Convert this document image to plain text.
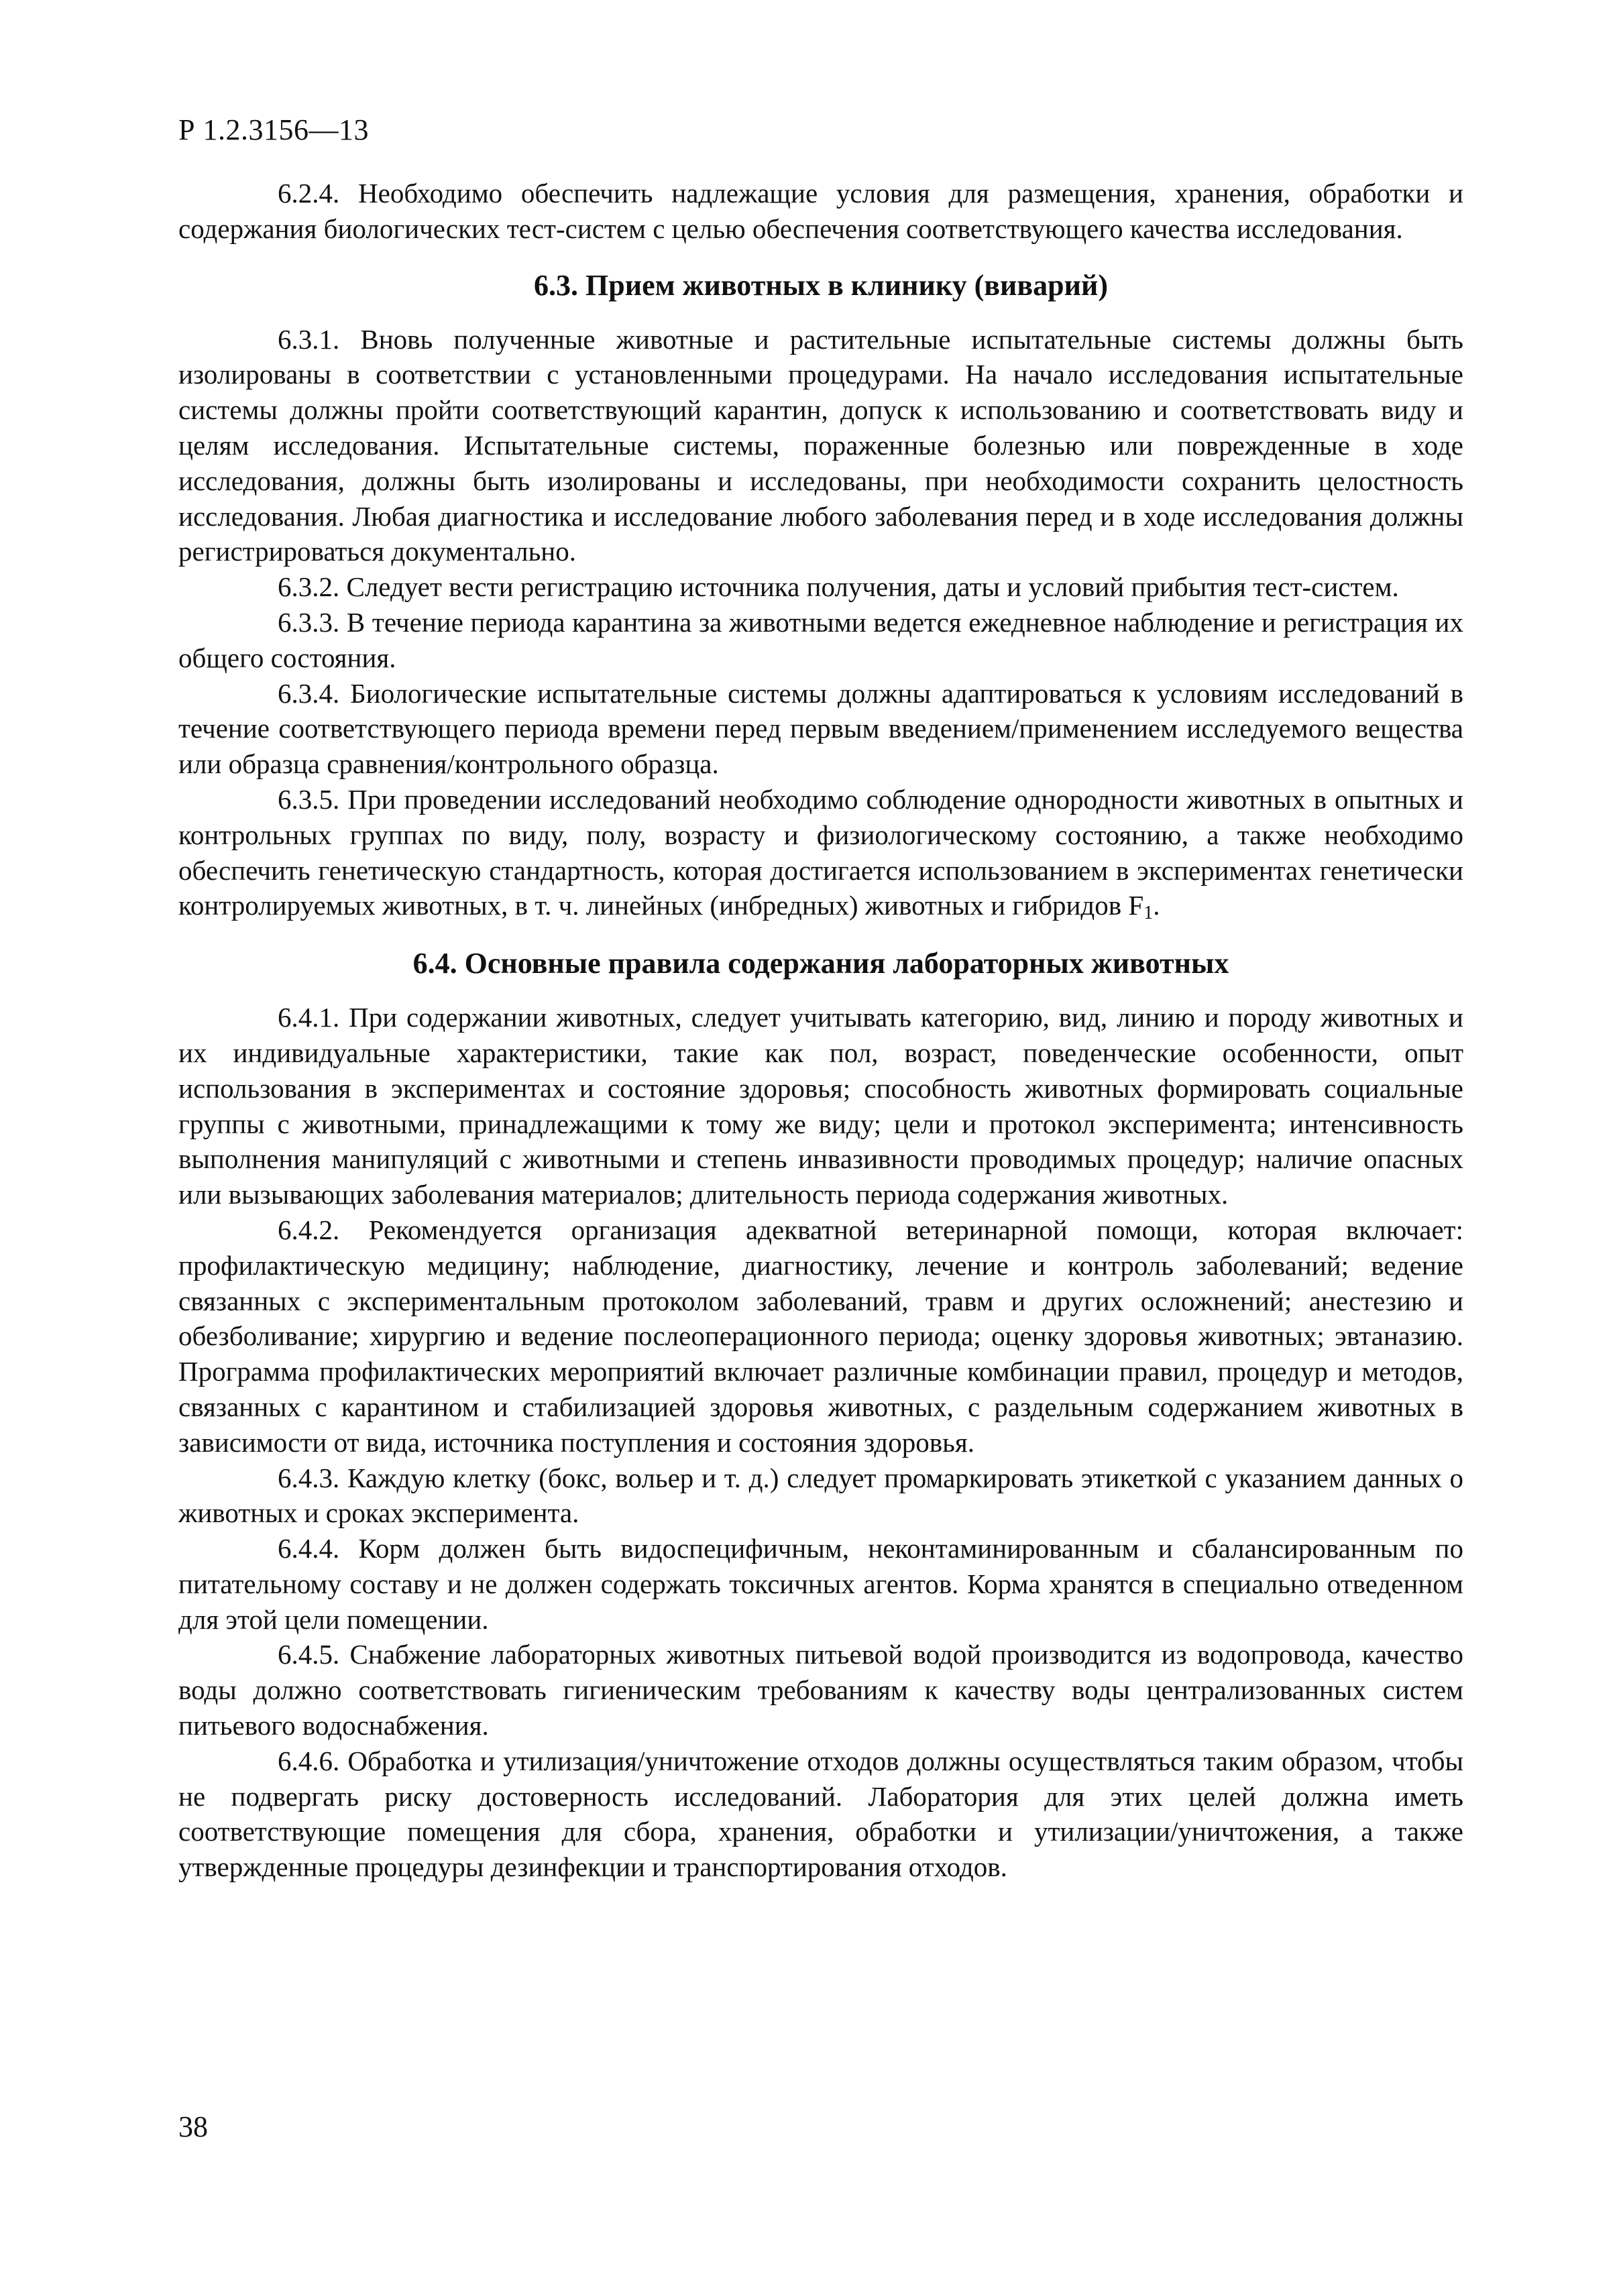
Р 1.2.3156—13

6.2.4. Необходимо обеспечить надлежащие условия для размещения, хранения, обработки и содержания биологических тест-систем с целью обеспечения соответствующего качества исследования.

6.3. Прием животных в клинику (виварий)

6.3.1. Вновь полученные животные и растительные испытательные системы должны быть изолированы в соответствии с установленными процедурами. На начало исследования испытательные системы должны пройти соответствующий карантин, допуск к использованию и соответствовать виду и целям исследования. Испытательные системы, пораженные болезнью или поврежденные в ходе исследования, должны быть изолированы и исследованы, при необходимости сохранить целостность исследования. Любая диагностика и исследование любого заболевания перед и в ходе исследования должны регистрироваться документально.

6.3.2. Следует вести регистрацию источника получения, даты и условий прибытия тест-систем.

6.3.3. В течение периода карантина за животными ведется ежедневное наблюдение и регистрация их общего состояния.

6.3.4. Биологические испытательные системы должны адаптироваться к условиям исследований в течение соответствующего периода времени перед первым введением/применением исследуемого вещества или образца сравнения/контрольного образца.

6.3.5. При проведении исследований необходимо соблюдение однородности животных в опытных и контрольных группах по виду, полу, возрасту и физиологическому состоянию, а также необходимо обеспечить генетическую стандартность, которая достигается использованием в экспериментах генетически контролируемых животных, в т. ч. линейных (инбредных) животных и гибридов $F_1$.

6.4. Основные правила содержания лабораторных животных

6.4.1. При содержании животных, следует учитывать категорию, вид, линию и породу животных и их индивидуальные характеристики, такие как пол, возраст, поведенческие особенности, опыт использования в экспериментах и состояние здоровья; способность животных формировать социальные группы с животными, принадлежащими к тому же виду; цели и протокол эксперимента; интенсивность выполнения манипуляций с животными и степень инвазивности проводимых процедур; наличие опасных или вызывающих заболевания материалов; длительность периода содержания животных.

6.4.2. Рекомендуется организация адекватной ветеринарной помощи, которая включает: профилактическую медицину; наблюдение, диагностику, лечение и контроль заболеваний; ведение связанных с экспериментальным протоколом заболеваний, травм и других осложнений; анестезию и обезболивание; хирургию и ведение послеоперационного периода; оценку здоровья животных; эвтаназию. Программа профилактических мероприятий включает различные комбинации правил, процедур и методов, связанных с карантином и стабилизацией здоровья животных, с раздельным содержанием животных в зависимости от вида, источника поступления и состояния здоровья.

6.4.3. Каждую клетку (бокс, вольер и т. д.) следует промаркировать этикеткой с указанием данных о животных и сроках эксперимента.

6.4.4. Корм должен быть видоспецифичным, неконтаминированным и сбалансированным по питательному составу и не должен содержать токсичных агентов. Корма хранятся в специально отведенном для этой цели помещении.

6.4.5. Снабжение лабораторных животных питьевой водой производится из водопровода, качество воды должно соответствовать гигиеническим требованиям к качеству воды централизованных систем питьевого водоснабжения.

6.4.6. Обработка и утилизация/уничтожение отходов должны осуществляться таким образом, чтобы не подвергать риску достоверность исследований. Лаборатория для этих целей должна иметь соответствующие помещения для сбора, хранения, обработки и утилизации/уничтожения, а также утвержденные процедуры дезинфекции и транспортирования отходов.

38
